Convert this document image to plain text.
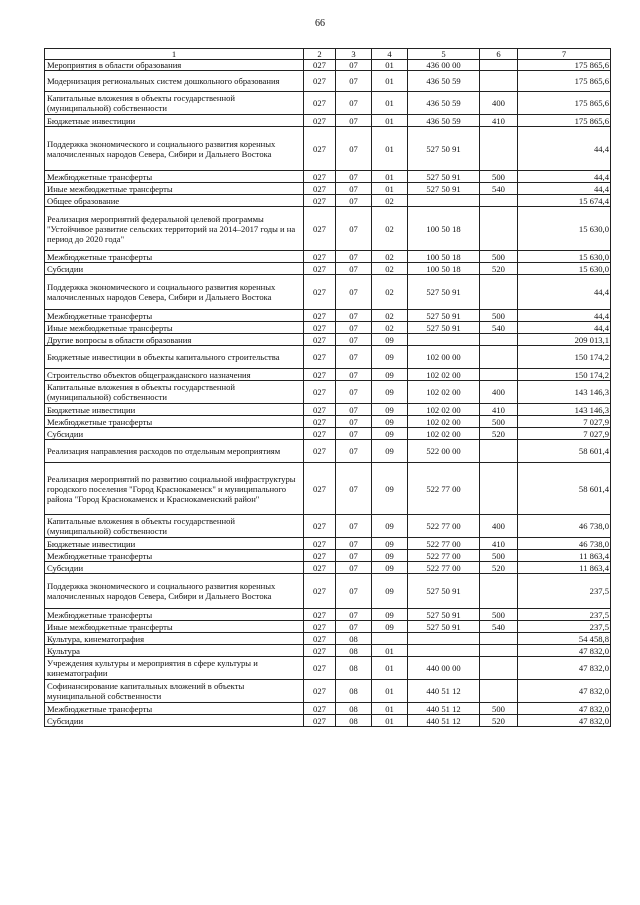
66
1	2	3	4	5	6	7
Мероприятия в области образования	027	07	01	436 00 00		175 865,6
Модернизация региональных систем дошкольного образования	027	07	01	436 50 59		175 865,6
Капитальные вложения в объекты государственной (муниципальной) собственности	027	07	01	436 50 59	400	175 865,6
Бюджетные инвестиции	027	07	01	436 50 59	410	175 865,6
Поддержка экономического и социального развития коренных малочисленных народов Севера, Сибири и Дальнего Востока	027	07	01	527 50 91		44,4
Межбюджетные трансферты	027	07	01	527 50 91	500	44,4
Иные межбюджетные трансферты	027	07	01	527 50 91	540	44,4
Общее образование	027	07	02			15 674,4
Реализация мероприятий федеральной целевой программы "Устойчивое развитие сельских территорий на 2014–2017 годы и на период до 2020 года"	027	07	02	100 50 18		15 630,0
Межбюджетные трансферты	027	07	02	100 50 18	500	15 630,0
Субсидии	027	07	02	100 50 18	520	15 630,0
Поддержка экономического и социального развития коренных малочисленных народов Севера, Сибири и Дальнего Востока	027	07	02	527 50 91		44,4
Межбюджетные трансферты	027	07	02	527 50 91	500	44,4
Иные межбюджетные трансферты	027	07	02	527 50 91	540	44,4
Другие вопросы в области образования	027	07	09			209 013,1
Бюджетные инвестиции в объекты капитального строительства	027	07	09	102 00 00		150 174,2
Строительство объектов общегражданского назначения	027	07	09	102 02 00		150 174,2
Капитальные вложения в объекты государственной (муниципальной) собственности	027	07	09	102 02 00	400	143 146,3
Бюджетные инвестиции	027	07	09	102 02 00	410	143 146,3
Межбюджетные трансферты	027	07	09	102 02 00	500	7 027,9
Субсидии	027	07	09	102 02 00	520	7 027,9
Реализация направления расходов по отдельным мероприятиям	027	07	09	522 00 00		58 601,4
Реализация мероприятий по развитию социальной инфраструктуры городского поселения "Город Краснокаменск" и муниципального района "Город Краснокаменск и Краснокаменский район"	027	07	09	522 77 00		58 601,4
Капитальные вложения в объекты государственной (муниципальной) собственности	027	07	09	522 77 00	400	46 738,0
Бюджетные инвестиции	027	07	09	522 77 00	410	46 738,0
Межбюджетные трансферты	027	07	09	522 77 00	500	11 863,4
Субсидии	027	07	09	522 77 00	520	11 863,4
Поддержка экономического и социального развития коренных малочисленных народов Севера, Сибири и Дальнего Востока	027	07	09	527 50 91		237,5
Межбюджетные трансферты	027	07	09	527 50 91	500	237,5
Иные межбюджетные трансферты	027	07	09	527 50 91	540	237,5
Культура, кинематография	027	08				54 458,8
Культура	027	08	01			47 832,0
Учреждения культуры и мероприятия в сфере культуры и кинематографии	027	08	01	440 00 00		47 832,0
Софинансирование капитальных вложений в объекты муниципальной собственности	027	08	01	440 51 12		47 832,0
Межбюджетные трансферты	027	08	01	440 51 12	500	47 832,0
Субсидии	027	08	01	440 51 12	520	47 832,0
